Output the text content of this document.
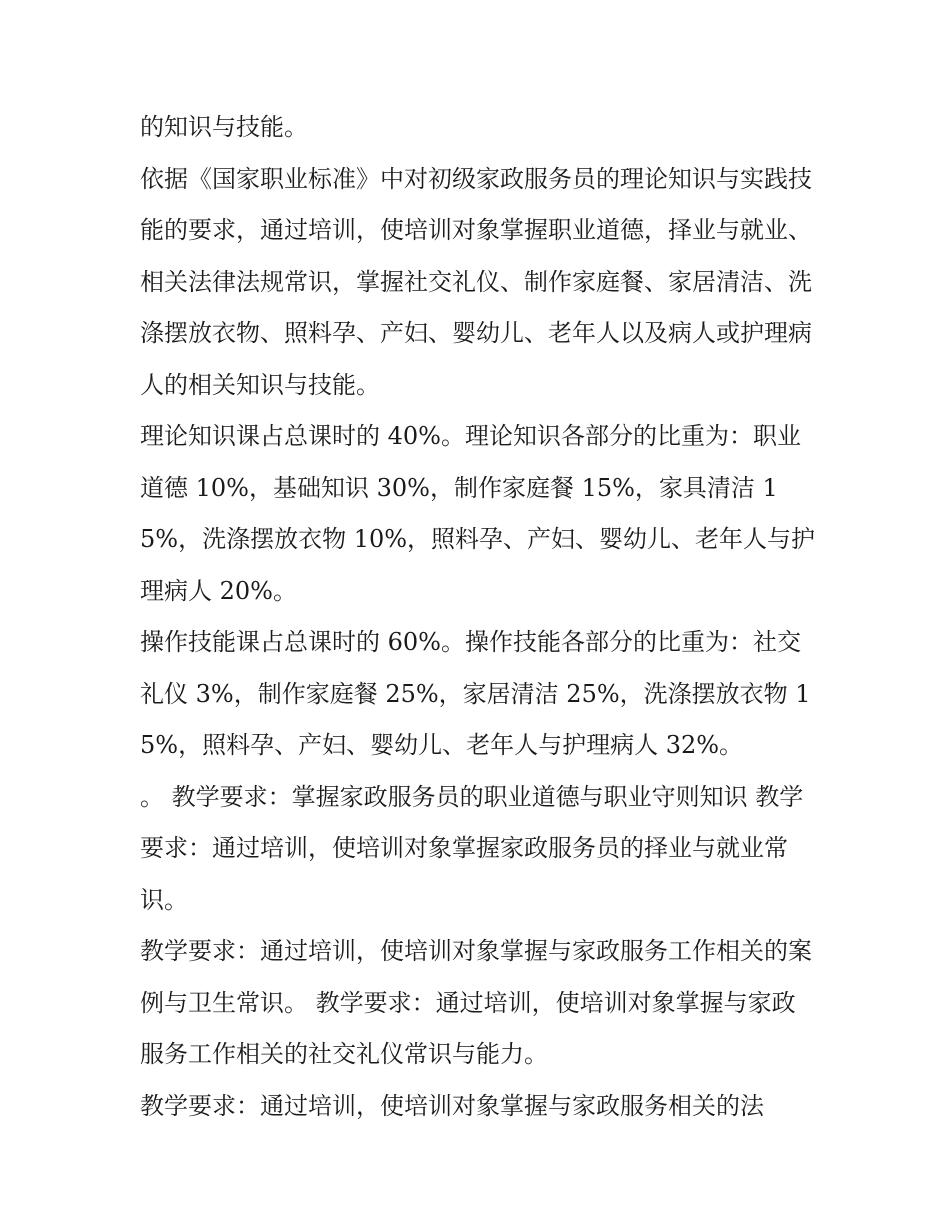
的知识与技能。

依据《国家职业标准》中对初级家政服务员的理论知识与实践技能的要求，通过培训，使培训对象掌握职业道德，择业与就业、相关法律法规常识，掌握社交礼仪、制作家庭餐、家居清洁、洗涤摆放衣物、照料孕、产妇、婴幼儿、老年人以及病人或护理病人的相关知识与技能。

理论知识课占总课时的 40%。理论知识各部分的比重为：职业道德 10%，基础知识 30%，制作家庭餐 15%，家具清洁 15%，洗涤摆放衣物 10%，照料孕、产妇、婴幼儿、老年人与护理病人 20%。

操作技能课占总课时的 60%。操作技能各部分的比重为：社交礼仪 3%，制作家庭餐 25%，家居清洁 25%，洗涤摆放衣物 15%，照料孕、产妇、婴幼儿、老年人与护理病人 32%。

。 教学要求：掌握家政服务员的职业道德与职业守则知识 教学要求：通过培训，使培训对象掌握家政服务员的择业与就业常识。

教学要求：通过培训，使培训对象掌握与家政服务工作相关的案例与卫生常识。 教学要求：通过培训，使培训对象掌握与家政服务工作相关的社交礼仪常识与能力。

教学要求：通过培训，使培训对象掌握与家政服务相关的法
